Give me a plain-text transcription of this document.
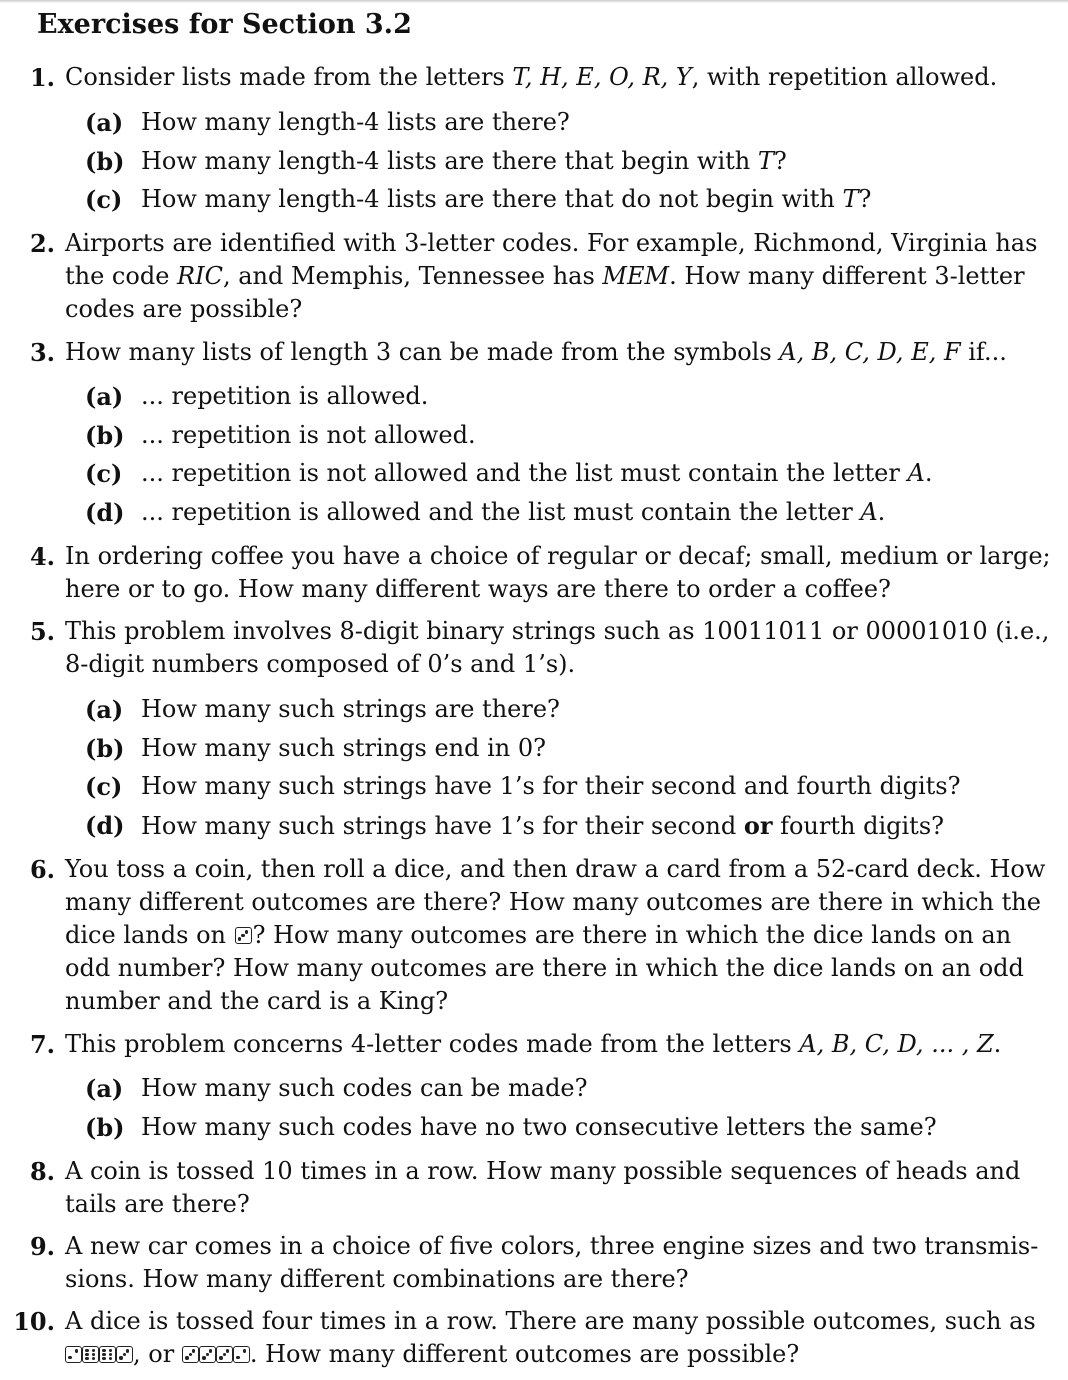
Exercises for Section 3.2
1. Consider lists made from the letters T, H, E, O, R, Y, with repetition allowed.
(a) How many length-4 lists are there?
(b) How many length-4 lists are there that begin with T?
(c) How many length-4 lists are there that do not begin with T?
2. Airports are identified with 3-letter codes. For example, Richmond, Virginia has
the code RIC, and Memphis, Tennessee has MEM. How many different 3-letter
codes are possible?
3. How many lists of length 3 can be made from the symbols A, B, C, D, E, F if...
(a) ... repetition is allowed.
(b) ... repetition is not allowed.
(c) ... repetition is not allowed and the list must contain the letter A.
(d) ... repetition is allowed and the list must contain the letter A.
4. In ordering coffee you have a choice of regular or decaf; small, medium or large;
here or to go. How many different ways are there to order a coffee?
5. This problem involves 8-digit binary strings such as 10011011 or 00001010 (i.e.,
8-digit numbers composed of 0’s and 1’s).
(a) How many such strings are there?
(b) How many such strings end in 0?
(c) How many such strings have 1’s for their second and fourth digits?
(d) How many such strings have 1’s for their second or fourth digits?
6. You toss a coin, then roll a dice, and then draw a card from a 52-card deck. How
many different outcomes are there? How many outcomes are there in which the
dice lands on ? How many outcomes are there in which the dice lands on an
odd number? How many outcomes are there in which the dice lands on an odd
number and the card is a King?
7. This problem concerns 4-letter codes made from the letters A, B, C, D, ... , Z.
(a) How many such codes can be made?
(b) How many such codes have no two consecutive letters the same?
8. A coin is tossed 10 times in a row. How many possible sequences of heads and
tails are there?
9. A new car comes in a choice of five colors, three engine sizes and two transmis-
sions. How many different combinations are there?
10. A dice is tossed four times in a row. There are many possible outcomes, such as
, or	. How many different outcomes are possible?
